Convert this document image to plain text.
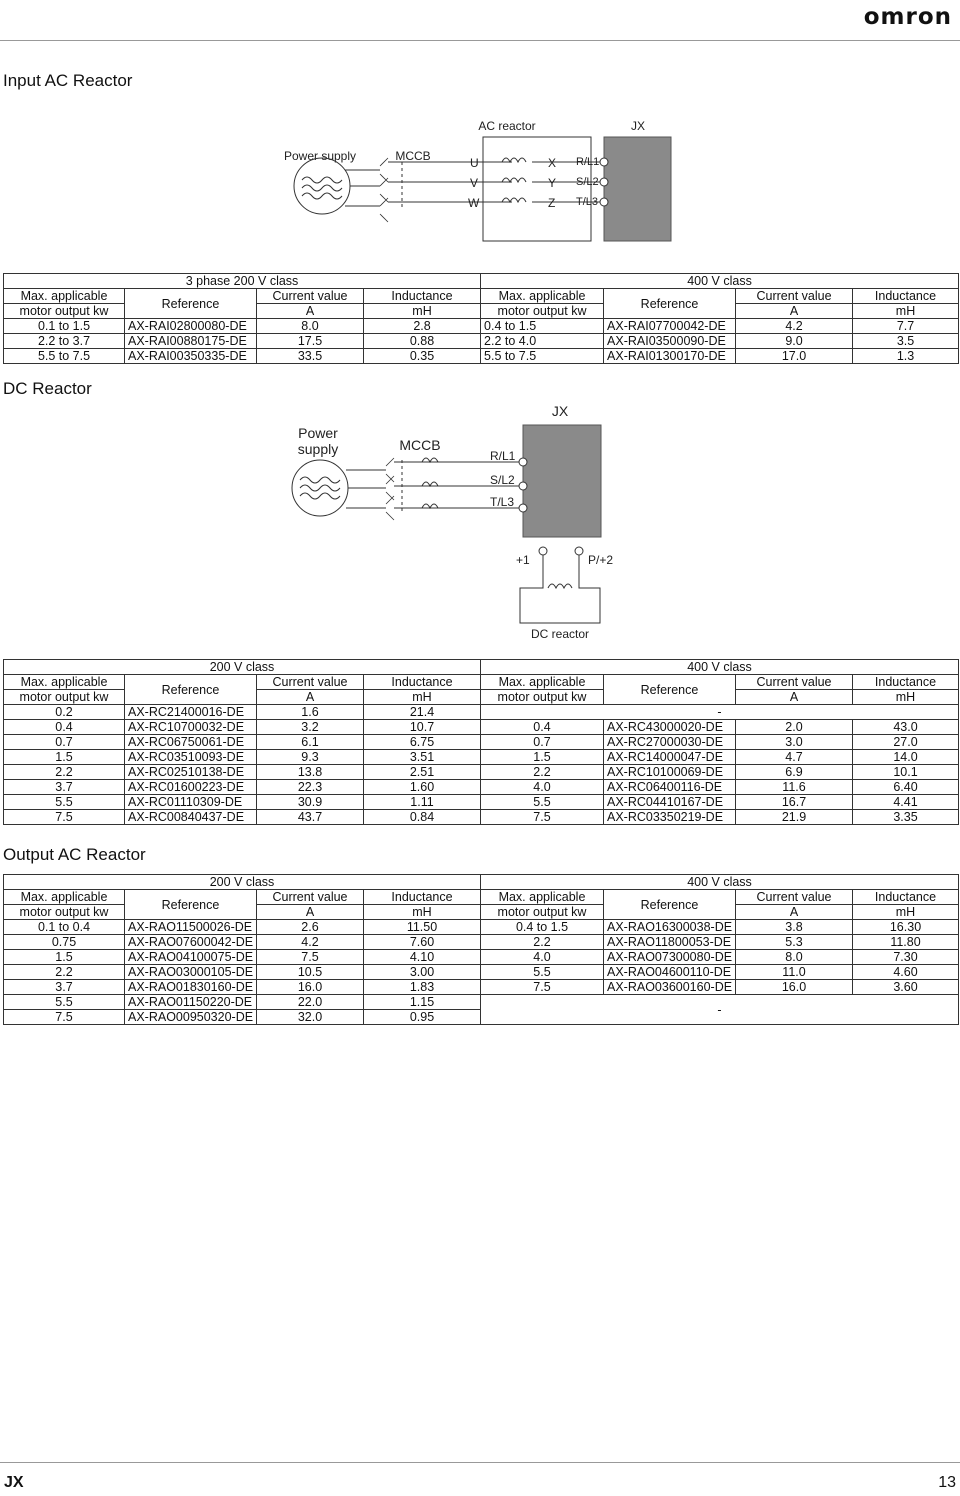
omron
Input AC Reactor
AC reactor	JX
Power supply	MCCB	U
V
W
X
Y
Z
R/L1
S/L2
T/L3
3 phase 200 V class				400 V class			
Max. applicable	Reference	Current value	Inductance	Max. applicable	Reference	Current value	Inductance
motor output kw		A	mH	motor output kw		A	mH
0.1 to 1.5	AX-RAI02800080-DE	8.0	2.8	0.4 to 1.5	AX-RAI07700042-DE	4.2	7.7
2.2 to 3.7	AX-RAI00880175-DE	17.5	0.88	2.2 to 4.0	AX-RAI03500090-DE	9.0	3.5
5.5 to 7.5	AX-RAI00350335-DE	33.5	0.35	5.5 to 7.5	AX-RAI01300170-DE	17.0	1.3
DC Reactor
JX
Power
supply	MCCB
R/L1
S/L2
T/L3
+1	P/+2
DC reactor
200 V class				400 V class			
Max. applicable	Reference	Current value	Inductance	Max. applicable	Reference	Current value	Inductance
motor output kw		A	mH	motor output kw		A	mH
0.2	AX-RC21400016-DE	1.6	21.4	-			
0.4	AX-RC10700032-DE	3.2	10.7	0.4	AX-RC43000020-DE	2.0	43.0
0.7	AX-RC06750061-DE	6.1	6.75	0.7	AX-RC27000030-DE	3.0	27.0
1.5	AX-RC03510093-DE	9.3	3.51	1.5	AX-RC14000047-DE	4.7	14.0
2.2	AX-RC02510138-DE	13.8	2.51	2.2	AX-RC10100069-DE	6.9	10.1
3.7	AX-RC01600223-DE	22.3	1.60	4.0	AX-RC06400116-DE	11.6	6.40
5.5	AX-RC01110309-DE	30.9	1.11	5.5	AX-RC04410167-DE	16.7	4.41
7.5	AX-RC00840437-DE	43.7	0.84	7.5	AX-RC03350219-DE	21.9	3.35
Output AC Reactor
200 V class				400 V class			
Max. applicable	Reference	Current value	Inductance	Max. applicable	Reference	Current value	Inductance
motor output kw		A	mH	motor output kw		A	mH
0.1 to 0.4	AX-RAO11500026-DE	2.6	11.50	0.4 to 1.5	AX-RAO16300038-DE	3.8	16.30
0.75	AX-RAO07600042-DE	4.2	7.60	2.2	AX-RAO11800053-DE	5.3	11.80
1.5	AX-RAO04100075-DE	7.5	4.10	4.0	AX-RAO07300080-DE	8.0	7.30
2.2	AX-RAO03000105-DE	10.5	3.00	5.5	AX-RAO04600110-DE	11.0	4.60
3.7	AX-RAO01830160-DE	16.0	1.83	7.5	AX-RAO03600160-DE	16.0	3.60
5.5	AX-RAO01150220-DE	22.0	1.15	-			
7.5	AX-RAO00950320-DE	32.0	0.95				
JX	13
